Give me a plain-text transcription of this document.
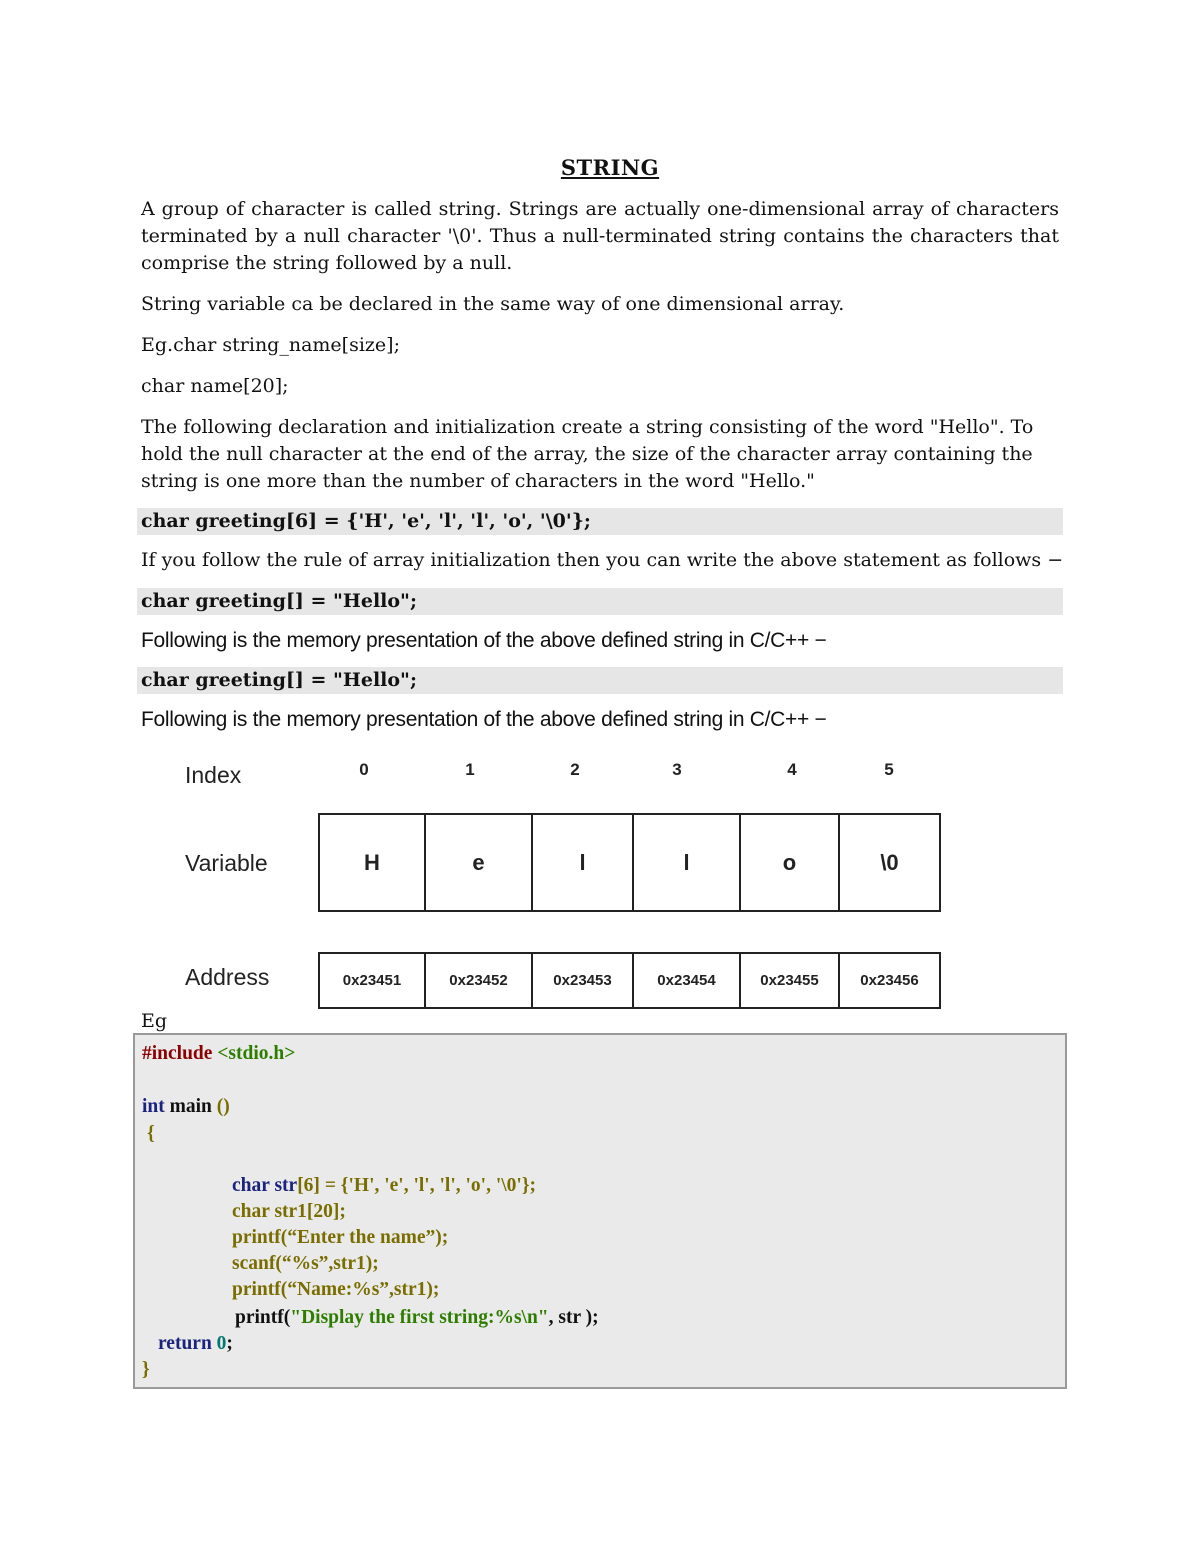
STRING
A group of character is called string. Strings are actually one-dimensional array of characters terminated by a null character '\0'. Thus a null-terminated string contains the characters that comprise the string followed by a null.
String variable ca be declared in the same way of one dimensional array.
Eg.char string_name[size];
char name[20];
The following declaration and initialization create a string consisting of the word "Hello". To hold the null character at the end of the array, the size of the character array containing the string is one more than the number of characters in the word "Hello."
char greeting[6] = {'H', 'e', 'l', 'l', 'o', '\0'};
If you follow the rule of array initialization then you can write the above statement as follows −
char greeting[] = "Hello";
Following is the memory presentation of the above defined string in C/C++ −
char greeting[] = "Hello";
Following is the memory presentation of the above defined string in C/C++ −
Index	0	1	2	3	4	5
Variable	H	e	l	l	o	\0
Address	0x23451	0x23452	0x23453	0x23454	0x23455	0x23456
Eg
#include <stdio.h>
int main ()
{
char str[6] = {'H', 'e', 'l', 'l', 'o', '\0'};
char str1[20];
printf(“Enter the name”);
scanf(“%s”,str1);
printf(“Name:%s”,str1);
printf("Display the first string:%s\n", str );
return 0;
}
